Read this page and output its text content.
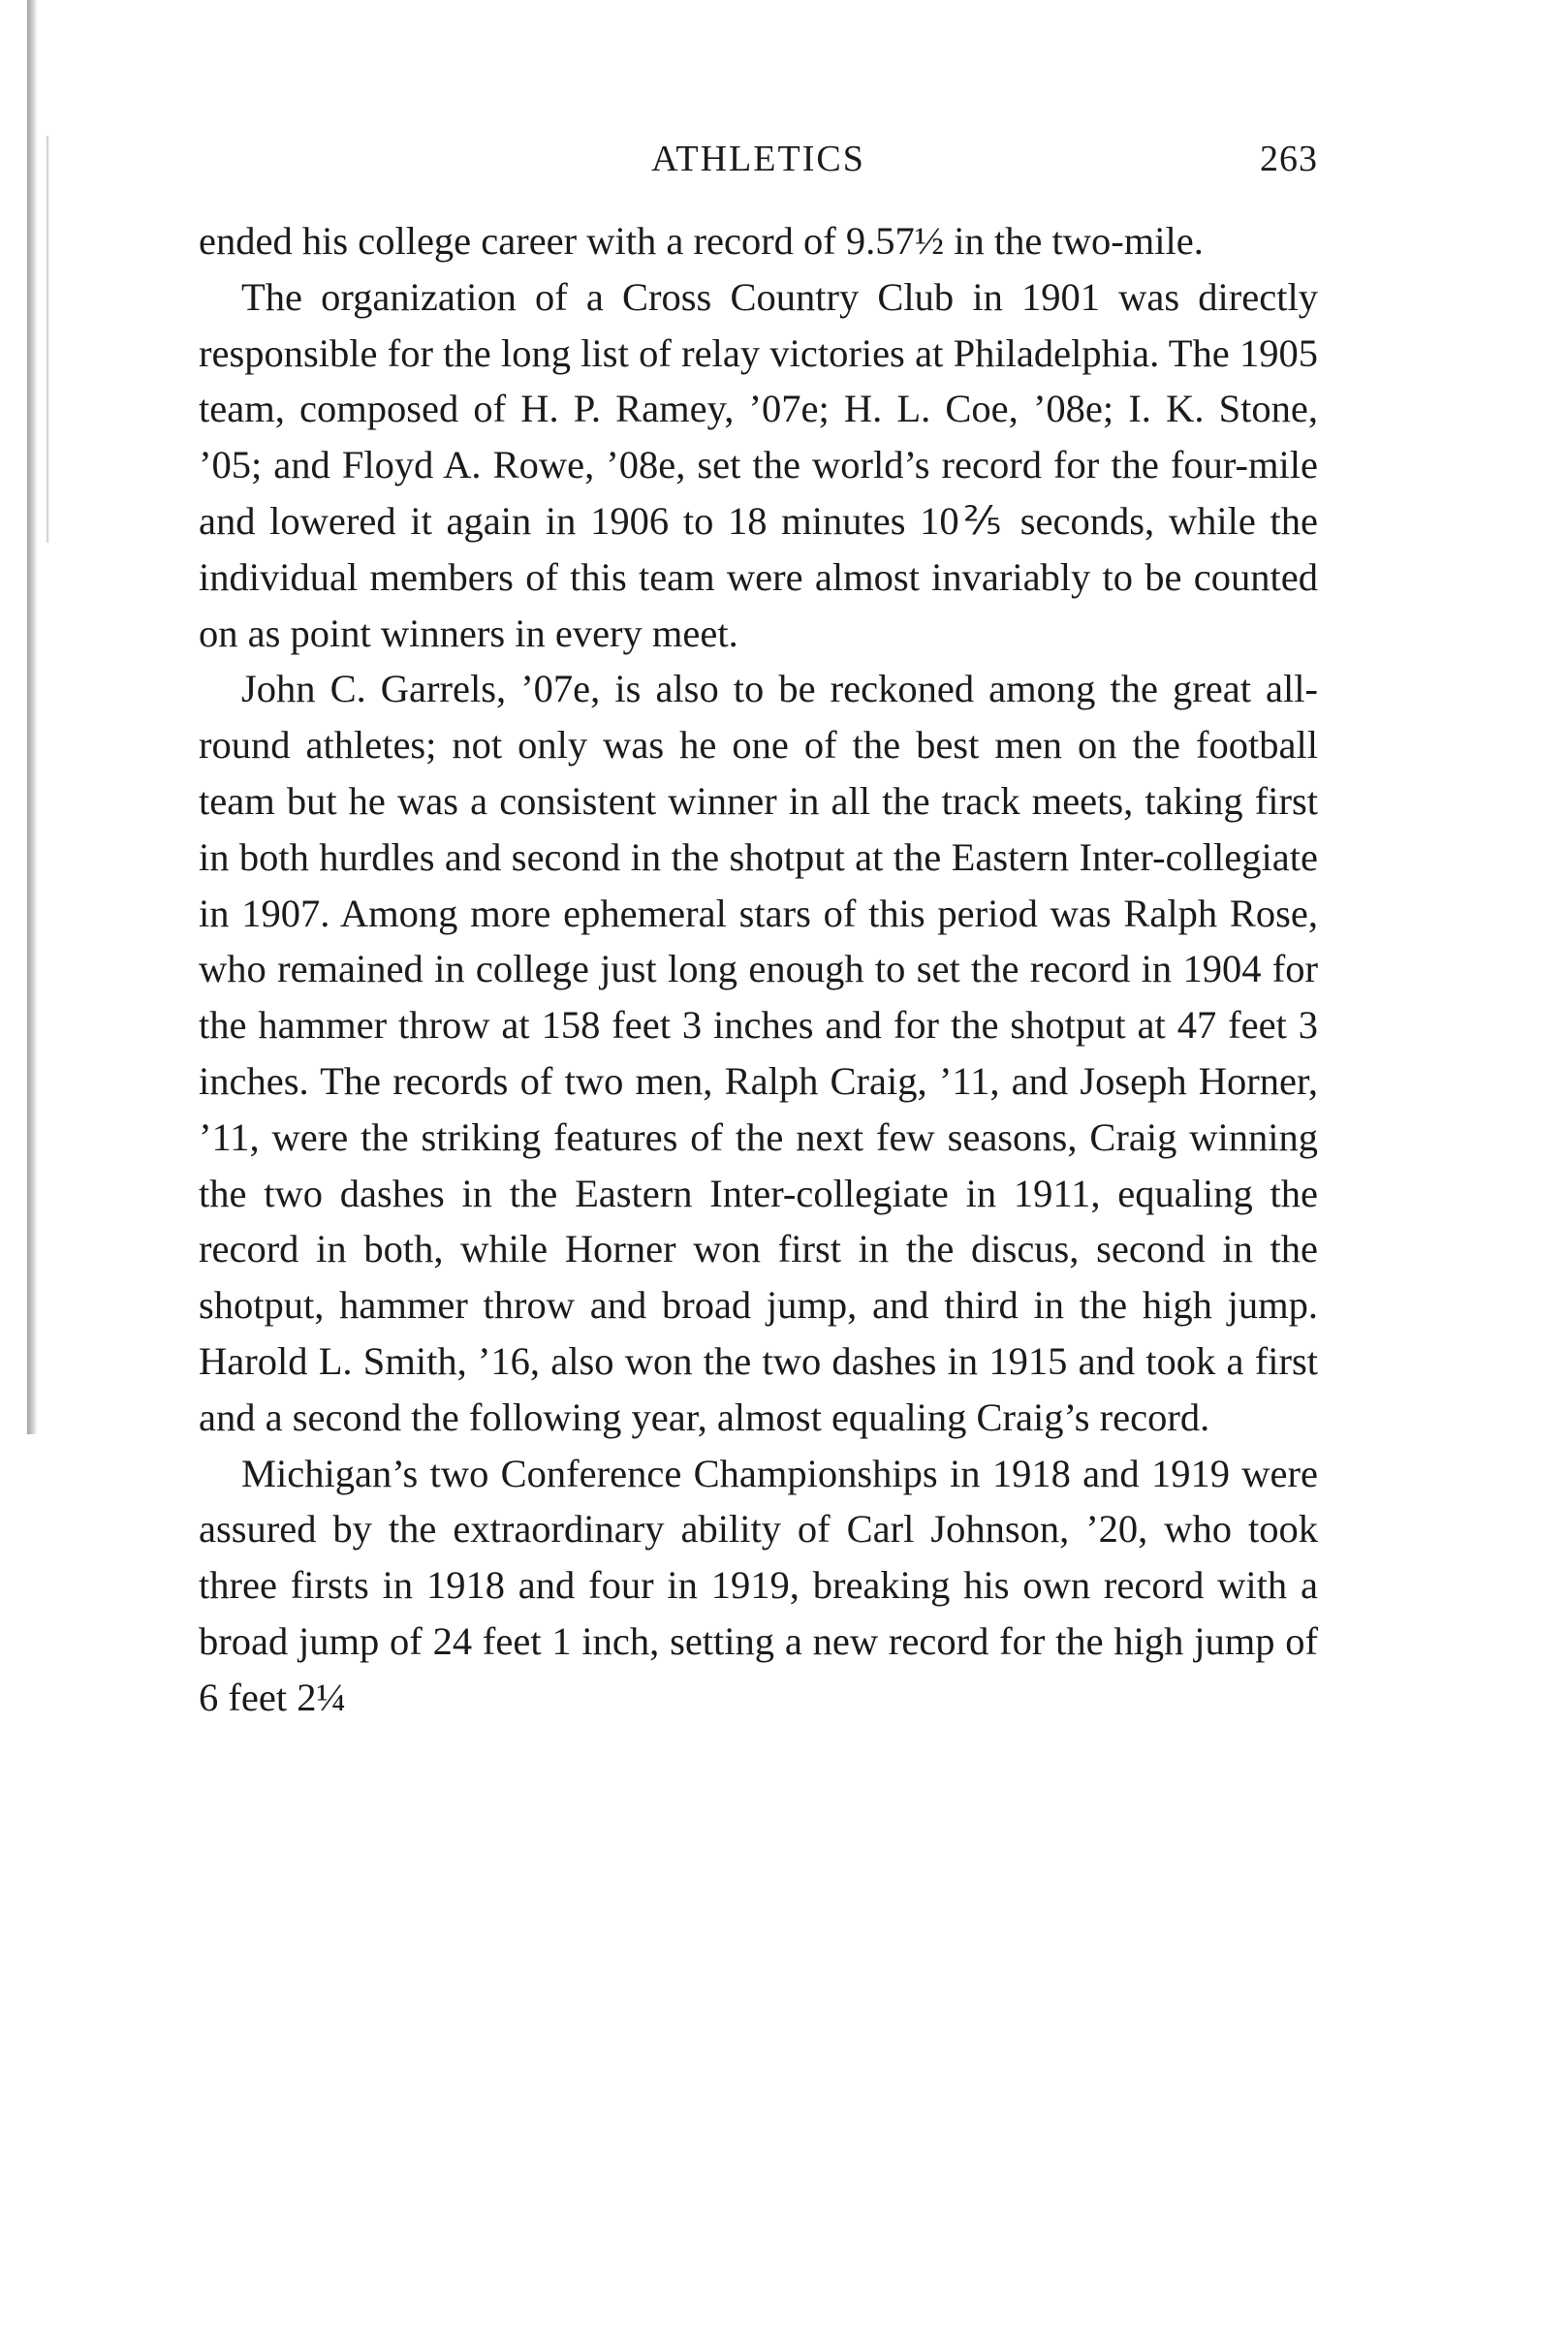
ATHLETICS	263

ended his college career with a record of 9.57½ in the two-mile.

The organization of a Cross Country Club in 1901 was directly responsible for the long list of relay victories at Philadelphia. The 1905 team, composed of H. P. Ramey, ’07e; H. L. Coe, ’08e; I. K. Stone, ’05; and Floyd A. Rowe, ’08e, set the world’s record for the four-mile and lowered it again in 1906 to 18 minutes 10⅖ seconds, while the individual members of this team were almost invariably to be counted on as point winners in every meet.

John C. Garrels, ’07e, is also to be reckoned among the great all-round athletes; not only was he one of the best men on the football team but he was a consistent winner in all the track meets, taking first in both hurdles and second in the shotput at the Eastern Inter-collegiate in 1907. Among more ephemeral stars of this period was Ralph Rose, who remained in college just long enough to set the record in 1904 for the hammer throw at 158 feet 3 inches and for the shotput at 47 feet 3 inches. The records of two men, Ralph Craig, ’11, and Joseph Horner, ’11, were the striking features of the next few seasons, Craig winning the two dashes in the Eastern Inter-collegiate in 1911, equaling the record in both, while Horner won first in the discus, second in the shotput, hammer throw and broad jump, and third in the high jump. Harold L. Smith, ’16, also won the two dashes in 1915 and took a first and a second the following year, almost equaling Craig’s record.

Michigan’s two Conference Championships in 1918 and 1919 were assured by the extraordinary ability of Carl Johnson, ’20, who took three firsts in 1918 and four in 1919, breaking his own record with a broad jump of 24 feet 1 inch, setting a new record for the high jump of 6 feet 2¼
